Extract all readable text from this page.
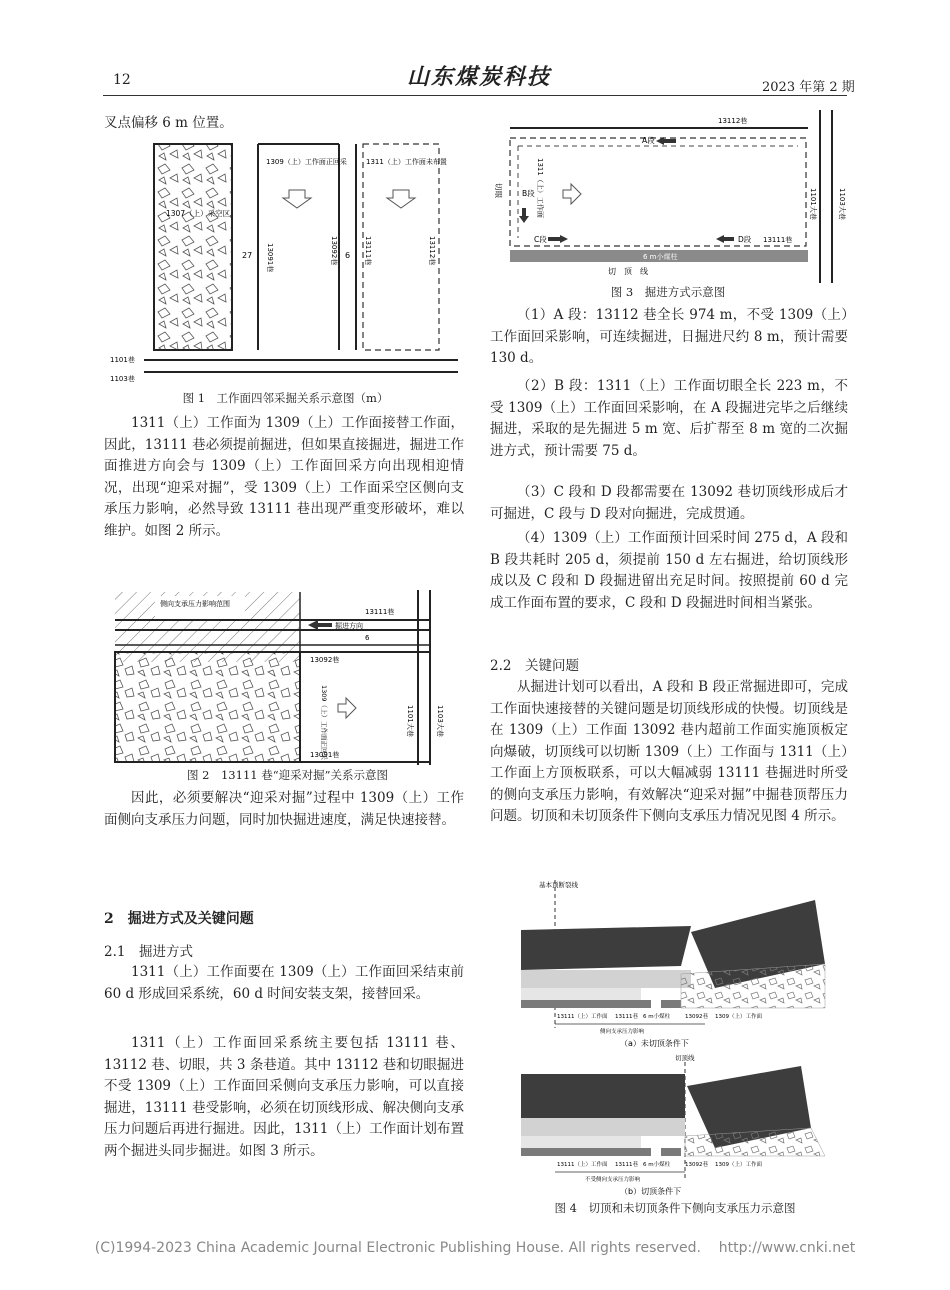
12	山东煤炭科技	2023 年第 2 期

叉点偏移 6 m 位置。

1307（上）采空区
1309（上）工作面正回采	1311（上）工作面未布置
27	6
13091巷	13092巷	13111巷	13112巷
1101巷
1103巷
图 1　工作面四邻采掘关系示意图（m）

1311（上）工作面为 1309（上）工作面接替工作面，因此，13111 巷必须提前掘进，但如果直接掘进，掘进工作面推进方向会与 1309（上）工作面回采方向出现相迎情况，出现“迎采对掘”，受 1309（上）工作面采空区侧向支承压力影响，必然导致 13111 巷出现严重变形破坏，难以维护。如图 2 所示。

侧向支承压力影响范围
13111巷
掘进方向
6
13092巷
1309（上）工作面正回采
13091巷
1101大巷	1103大巷
图 2　13111 巷“迎采对掘”关系示意图

因此，必须要解决“迎采对掘”过程中 1309（上）工作面侧向支承压力问题，同时加快掘进速度，满足快速接替。

2　掘进方式及关键问题
2.1　掘进方式

1311（上）工作面要在 1309（上）工作面回采结束前 60 d 形成回采系统，60 d 时间安装支架，接替回采。

1311（上）工作面回采系统主要包括 13111 巷、13112 巷、切眼，共 3 条巷道。其中 13112 巷和切眼掘进不受 1309（上）工作面回采侧向支承压力影响，可以直接掘进，13111 巷受影响，必须在切顶线形成、解决侧向支承压力问题后再进行掘进。因此，1311（上）工作面计划布置两个掘进头同步掘进。如图 3 所示。

13112巷
A段
B段
切眼	1311（上）工作面
C段	D段 13111巷
6 m小煤柱
切　顶　线
1101大巷	1103大巷
图 3　掘进方式示意图

（1）A 段：13112 巷全长 974 m，不受 1309（上）工作面回采影响，可连续掘进，日掘进尺约 8 m，预计需要 130 d。

（2）B 段：1311（上）工作面切眼全长 223 m，不受 1309（上）工作面回采影响，在 A 段掘进完毕之后继续掘进，采取的是先掘进 5 m 宽、后扩帮至 8 m 宽的二次掘进方式，预计需要 75 d。

（3）C 段和 D 段都需要在 13092 巷切顶线形成后才可掘进，C 段与 D 段对向掘进，完成贯通。

（4）1309（上）工作面预计回采时间 275 d，A 段和 B 段共耗时 205 d，须提前 150 d 左右掘进，给切顶线形成以及 C 段和 D 段掘进留出充足时间。按照提前 60 d 完成工作面布置的要求，C 段和 D 段掘进时间相当紧张。

2.2　关键问题

从掘进计划可以看出，A 段和 B 段正常掘进即可，完成工作面快速接替的关键问题是切顶线形成的快慢。切顶线是在 1309（上）工作面 13092 巷内超前工作面实施顶板定向爆破，切顶线可以切断 1309（上）工作面与 1311（上）工作面上方顶板联系，可以大幅减弱 13111 巷掘进时所受的侧向支承压力影响，有效解决“迎采对掘”中掘巷顶帮压力问题。切顶和未切顶条件下侧向支承压力情况见图 4 所示。

基本顶断裂线
13111（上）工作面 13111巷 6 m小煤柱	13092巷 1309（上）工作面
侧向支承压力影响
（a）未切顶条件下
切顶线
13111（上）工作面 13111巷 6 m小煤柱	13092巷 1309（上）工作面
不受侧向支承压力影响
（b）切顶条件下
图 4　切顶和未切顶条件下侧向支承压力示意图
(C)1994-2023 China Academic Journal Electronic Publishing House. All rights reserved.    http://www.cnki.net
